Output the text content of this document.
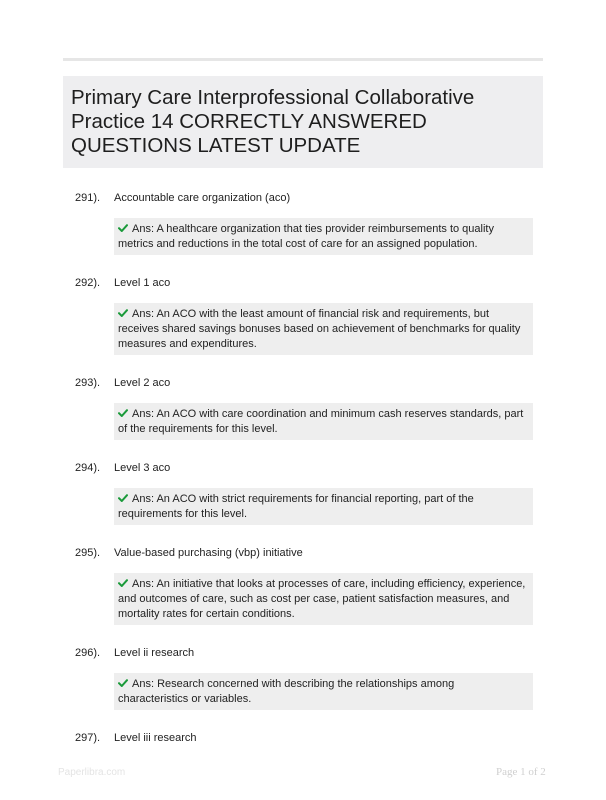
Primary Care Interprofessional Collaborative
Practice 14 CORRECTLY ANSWERED
QUESTIONS LATEST UPDATE
291).	Accountable care organization (aco)
Ans: A healthcare organization that ties provider reimbursements to quality metrics and reductions in the total cost of care for an assigned population.
292).	Level 1 aco
Ans: An ACO with the least amount of financial risk and requirements, but receives shared savings bonuses based on achievement of benchmarks for quality measures and expenditures.
293).	Level 2 aco
Ans: An ACO with care coordination and minimum cash reserves standards, part of the requirements for this level.
294).	Level 3 aco
Ans: An ACO with strict requirements for financial reporting, part of the requirements for this level.
295).	Value-based purchasing (vbp) initiative
Ans: An initiative that looks at processes of care, including efficiency, experience, and outcomes of care, such as cost per case, patient satisfaction measures, and mortality rates for certain conditions.
296).	Level ii research
Ans: Research concerned with describing the relationships among characteristics or variables.
297).	Level iii research
Paperlibra.com	Page 1 of 2
